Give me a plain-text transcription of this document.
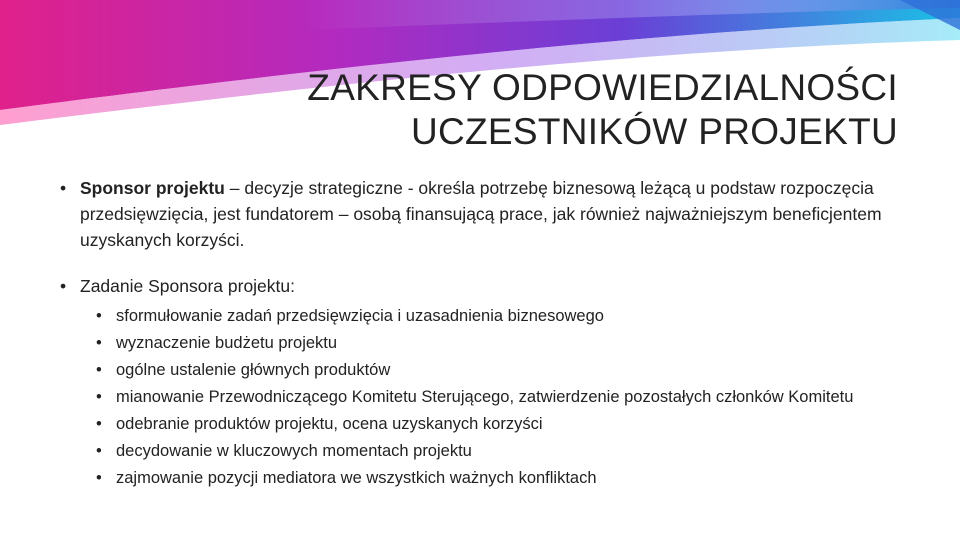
ZAKRESY ODPOWIEDZIALNOŚCI
UCZESTNIKÓW PROJEKTU
• Sponsor projektu – decyzje strategiczne - określa potrzebę biznesową leżącą u podstaw rozpoczęcia przedsięwzięcia, jest fundatorem – osobą finansującą prace, jak również najważniejszym beneficjentem uzyskanych korzyści.
• Zadanie Sponsora projektu:
• sformułowanie zadań przedsięwzięcia i uzasadnienia biznesowego
• wyznaczenie budżetu projektu
• ogólne ustalenie głównych produktów
• mianowanie Przewodniczącego Komitetu Sterującego, zatwierdzenie pozostałych członków Komitetu
• odebranie produktów projektu, ocena uzyskanych korzyści
• decydowanie w kluczowych momentach projektu
• zajmowanie pozycji mediatora we wszystkich ważnych konfliktach
